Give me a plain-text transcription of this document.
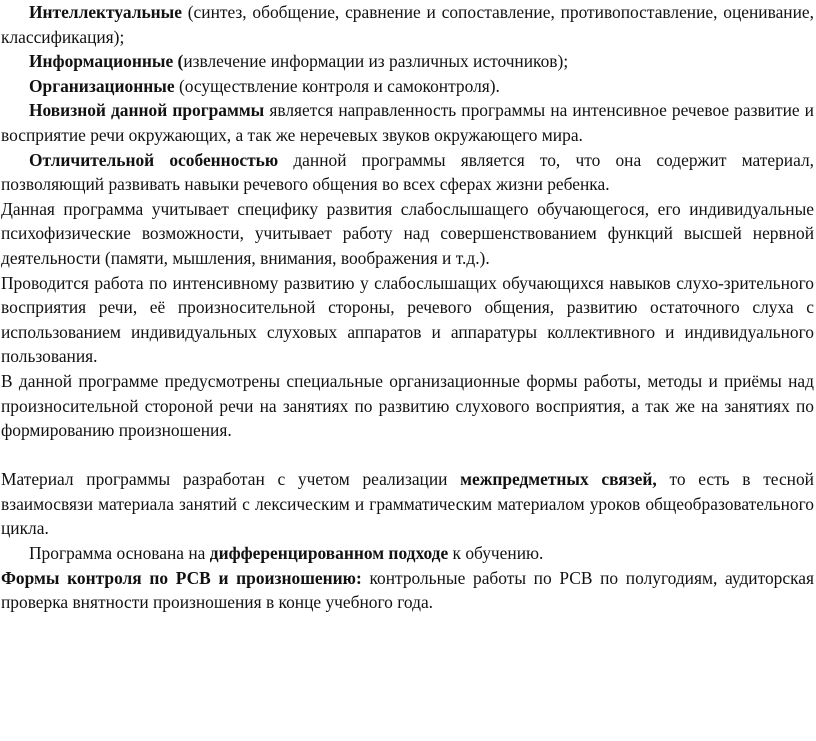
Интеллектуальные (синтез, обобщение, сравнение и сопоставление, противопоставление, оценивание, классификация);

Информационные (извлечение информации из различных источников);

Организационные (осуществление контроля и самоконтроля).

Новизной данной программы является направленность программы на интенсивное речевое развитие и восприятие речи окружающих, а так же неречевых звуков окружающего мира.

Отличительной особенностью данной программы является то, что она содержит материал, позволяющий развивать навыки речевого общения во всех сферах жизни ребенка.

Данная программа учитывает специфику развития слабослышащего обучающегося, его индивидуальные психофизические возможности, учитывает работу над совершенствованием функций высшей нервной деятельности (памяти, мышления, внимания, воображения и т.д.).

Проводится работа по интенсивному развитию у слабослышащих обучающихся навыков слухо-зрительного восприятия речи, её произносительной стороны, речевого общения, развитию остаточного слуха с использованием индивидуальных слуховых аппаратов и аппаратуры коллективного и индивидуального пользования.

В данной программе предусмотрены специальные организационные формы работы, методы и приёмы над произносительной стороной речи на занятиях по развитию слухового восприятия, а так же на занятиях по формированию произношения.

Материал программы разработан с учетом реализации межпредметных связей, то есть в тесной взаимосвязи материала занятий с лексическим и грамматическим материалом уроков общеобразовательного цикла.

Программа основана на дифференцированном подходе к обучению.

Формы контроля по РСВ и произношению: контрольные работы по РСВ по полугодиям, аудиторская проверка внятности произношения в конце учебного года.
